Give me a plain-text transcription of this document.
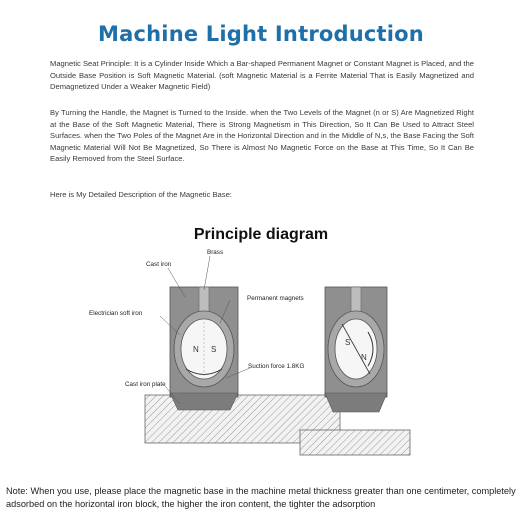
Machine Light Introduction

Magnetic Seat Principle: It is a Cylinder Inside Which a Bar-shaped Permanent Magnet or Constant Magnet is Placed, and the Outside Base Position is Soft Magnetic Material. (soft Magnetic Material is a Ferrite Material That is Easily Magnetized and Demagnetized Under a Weaker Magnetic Field)

By Turning the Handle, the Magnet is Turned to the Inside. when the Two Levels of the Magnet (n or S) Are Magnetized Right at the Base of the Soft Magnetic Material, There is Strong Magnetism in This Direction, So It Can Be Used to Attract Steel Surfaces. when the Two Poles of the Magnet Are in the Horizontal Direction and in the Middle of N,s, the Base Facing the Soft Magnetic Material Will Not Be Magnetized, So There is Almost No Magnetic Force on the Base at This Time, So It Can Be Easily Removed from the Steel Surface.

Here is My Detailed Description of the Magnetic Base:

Principle diagram
N S
S
N
Brass
Cast iron
Permanent magnets
Electrician soft iron
Suction force 1.8KG
Cast iron plate

Note: When you use, please place the magnetic base in the machine metal thickness greater than one centimeter, completely adsorbed on the horizontal iron block, the higher the iron content, the tighter the adsorption
